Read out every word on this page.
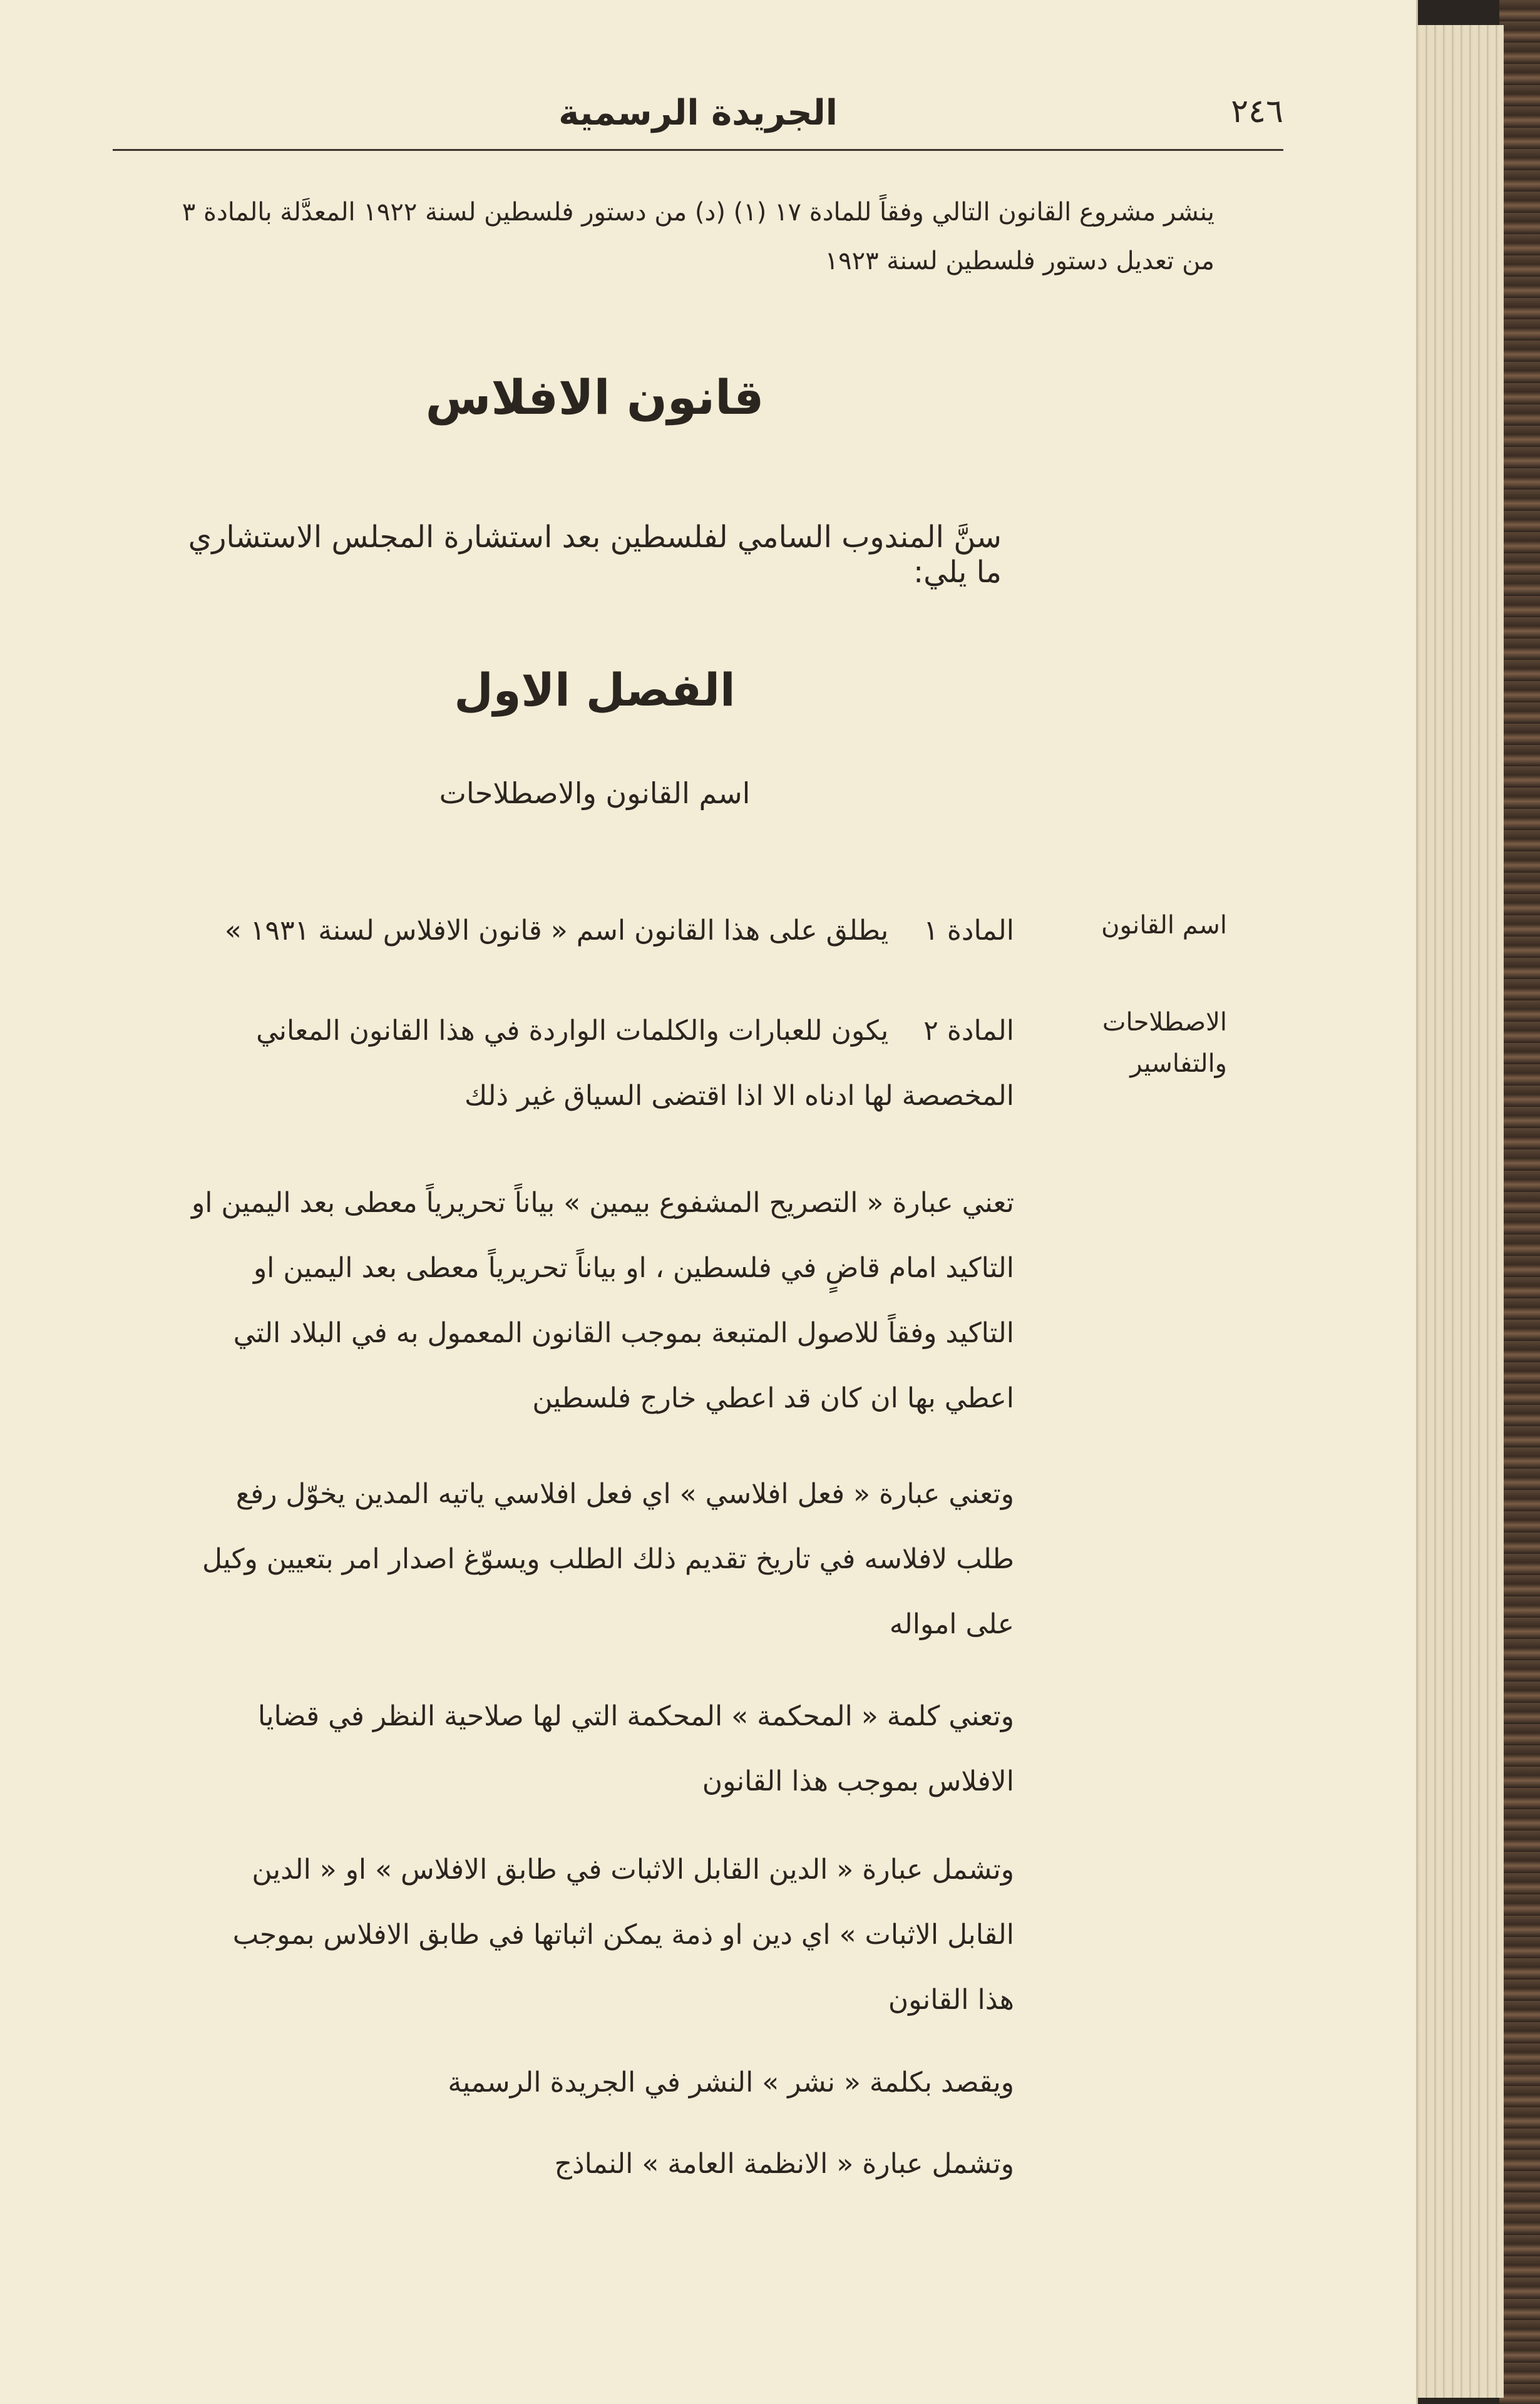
٢٤٦
الجريدة الرسمية
ينشر مشروع القانون التالي وفقاً للمادة ١٧ (١) (د) من دستور فلسطين لسنة ١٩٢٢ المعدَّلة بالمادة ٣ من تعديل دستور فلسطين لسنة ١٩٢٣
قانون الافلاس
سنَّ المندوب السامي لفلسطين بعد استشارة المجلس الاستشاري ما يلي:
الفصل الاول
اسم القانون والاصطلاحات
اسم القانون
المادة ١    يطلق على هذا القانون اسم « قانون الافلاس لسنة ١٩٣١ »
الاصطلاحات والتفاسير
المادة ٢    يكون للعبارات والكلمات الواردة في هذا القانون المعاني المخصصة لها ادناه الا اذا اقتضى السياق غير ذلك
تعني عبارة « التصريح المشفوع بيمين » بياناً تحريرياً معطى بعد اليمين او التاكيد امام قاضٍ في فلسطين ، او بياناً تحريرياً معطى بعد اليمين او التاكيد وفقاً للاصول المتبعة بموجب القانون المعمول به في البلاد التي اعطي بها ان كان قد اعطي خارج فلسطين
وتعني عبارة « فعل افلاسي » اي فعل افلاسي ياتيه المدين يخوّل رفع طلب لافلاسه في تاريخ تقديم ذلك الطلب ويسوّغ اصدار امر بتعيين وكيل على امواله
وتعني كلمة « المحكمة » المحكمة التي لها صلاحية النظر في قضايا الافلاس بموجب هذا القانون
وتشمل عبارة « الدين القابل الاثبات في طابق الافلاس » او « الدين القابل الاثبات » اي دين او ذمة يمكن اثباتها في طابق الافلاس بموجب هذا القانون
ويقصد بكلمة « نشر » النشر في الجريدة الرسمية
وتشمل عبارة « الانظمة العامة » النماذج
